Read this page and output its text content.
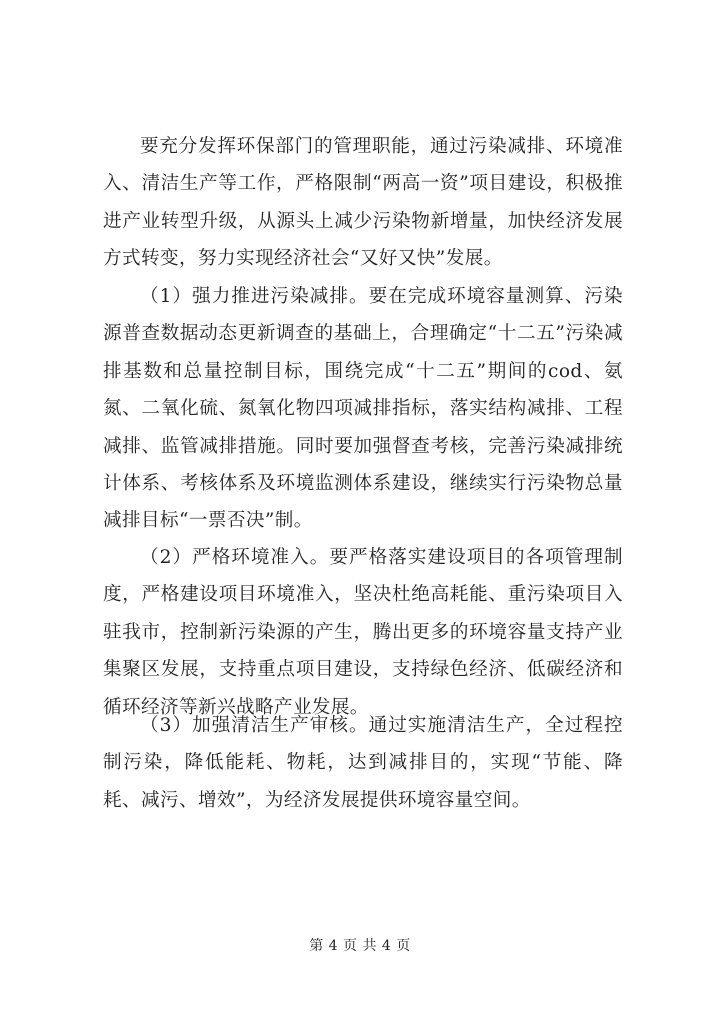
要充分发挥环保部门的管理职能，通过污染减排、环境准入、清洁生产等工作，严格限制“两高一资”项目建设，积极推进产业转型升级，从源头上减少污染物新增量，加快经济发展方式转变，努力实现经济社会“又好又快”发展。

（1）强力推进污染减排。要在完成环境容量测算、污染源普查数据动态更新调查的基础上，合理确定“十二五”污染减排基数和总量控制目标，围绕完成“十二五”期间的cod、氨氮、二氧化硫、氮氧化物四项减排指标，落实结构减排、工程减排、监管减排措施。同时要加强督查考核，完善污染减排统计体系、考核体系及环境监测体系建设，继续实行污染物总量减排目标“一票否决”制。

（2）严格环境准入。要严格落实建设项目的各项管理制度，严格建设项目环境准入，坚决杜绝高耗能、重污染项目入驻我市，控制新污染源的产生，腾出更多的环境容量支持产业集聚区发展，支持重点项目建设，支持绿色经济、低碳经济和循环经济等新兴战略产业发展。

（3）加强清洁生产审核。通过实施清洁生产，全过程控制污染，降低能耗、物耗，达到减排目的，实现“节能、降耗、减污、增效”，为经济发展提供环境容量空间。

第 4 页 共 4 页
